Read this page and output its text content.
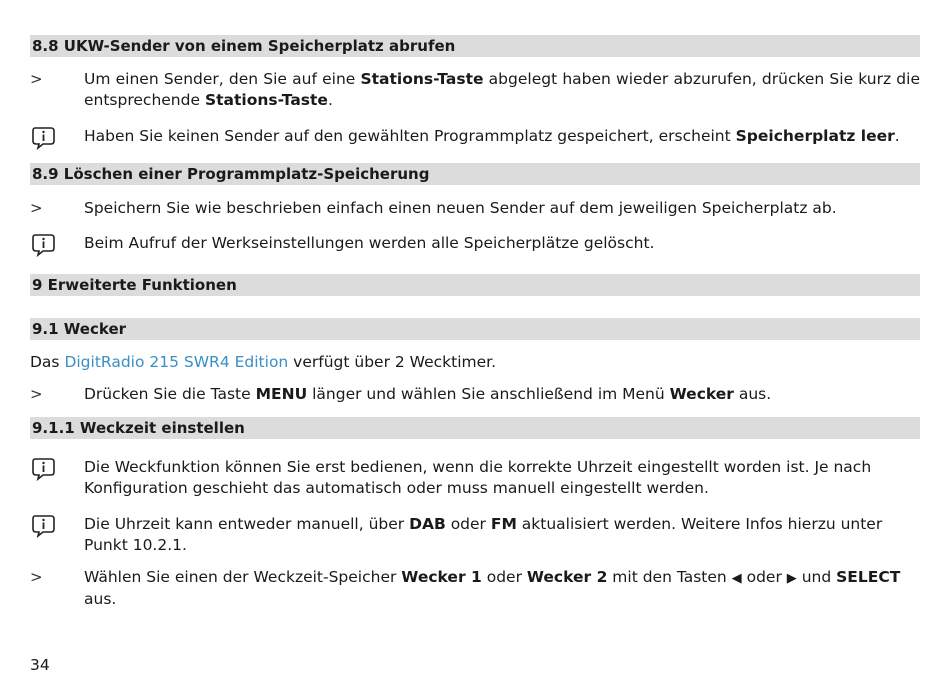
8.8 UKW-Sender von einem Speicherplatz abrufen
>	Um einen Sender, den Sie auf eine Stations-Taste abgelegt haben wieder abzurufen, drücken Sie kurz die entsprechende Stations-Taste.
Haben Sie keinen Sender auf den gewählten Programmplatz gespeichert, erscheint Speicherplatz leer.
8.9 Löschen einer Programmplatz-Speicherung
>	Speichern Sie wie beschrieben einfach einen neuen Sender auf dem jeweiligen Speicherplatz ab.
Beim Aufruf der Werkseinstellungen werden alle Speicherplätze gelöscht.
9 Erweiterte Funktionen
9.1 Wecker
Das DigitRadio 215 SWR4 Edition verfügt über 2 Wecktimer.
>	Drücken Sie die Taste MENU länger und wählen Sie anschließend im Menü Wecker aus.
9.1.1 Weckzeit einstellen
Die Weckfunktion können Sie erst bedienen, wenn die korrekte Uhrzeit eingestellt worden ist. Je nach Konfiguration geschieht das automatisch oder muss manuell eingestellt werden.
Die Uhrzeit kann entweder manuell, über DAB oder FM aktualisiert werden. Weitere Infos hierzu unter Punkt 10.2.1.
>	Wählen Sie einen der Weckzeit-Speicher Wecker 1 oder Wecker 2 mit den Tasten ◀ oder ▶ und SELECT aus.
34
